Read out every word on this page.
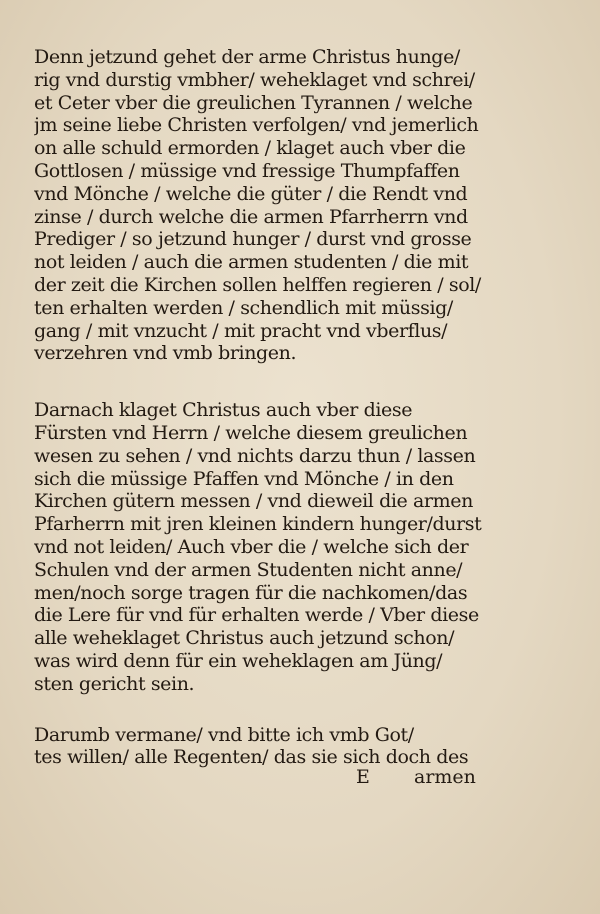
Denn jetzund gehet der arme Christus hunge/
rig vnd durstig vmbher/ weheklaget vnd schrei/
et Ceter vber die greulichen Tyrannen / welche
jm seine liebe Christen verfolgen/ vnd jemerlich
on alle schuld ermorden / klaget auch vber die
Gottlosen / müssige vnd fressige Thumpfaffen
vnd Mönche / welche die güter / die Rendt vnd
zinse / durch welche die armen Pfarrherrn vnd
Prediger / so jetzund hunger / durst vnd grosse
not leiden / auch die armen studenten / die mit
der zeit die Kirchen sollen helffen regieren / sol/
ten erhalten werden / schendlich mit müssig/
gang / mit vnzucht / mit pracht vnd vberflus/
verzehren vnd vmb bringen.
Darnach klaget Christus auch vber diese
Fürsten vnd Herrn / welche diesem greulichen
wesen zu sehen / vnd nichts darzu thun / lassen
sich die müssige Pfaffen vnd Mönche / in den
Kirchen gütern messen / vnd dieweil die armen
Pfarherrn mit jren kleinen kindern hunger/durst
vnd not leiden/ Auch vber die / welche sich der
Schulen vnd der armen Studenten nicht anne/
men/noch sorge tragen für die nachkomen/das
die Lere für vnd für erhalten werde / Vber diese
alle weheklaget Christus auch jetzund schon/
was wird denn für ein weheklagen am Jüng/
sten gericht sein.
Darumb vermane/ vnd bitte ich vmb Got/
tes willen/ alle Regenten/ das sie sich doch des
E armen
